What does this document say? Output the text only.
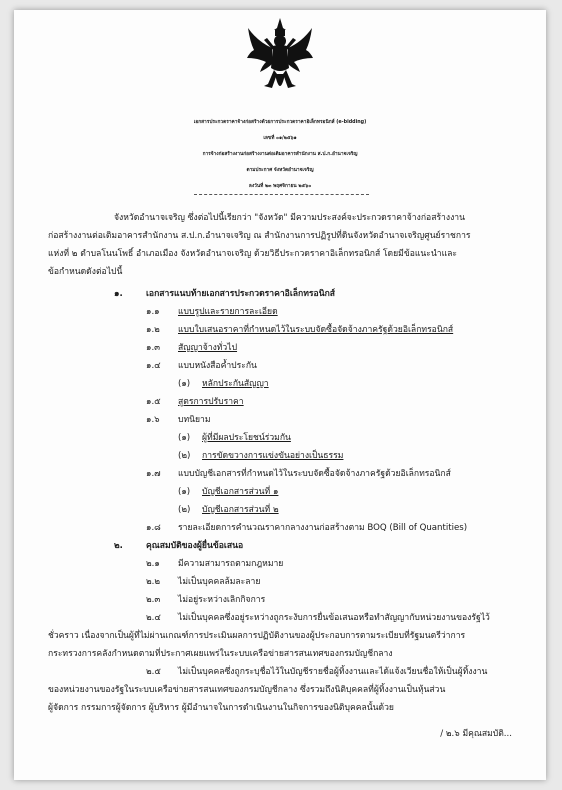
เอกสารประกวดราคาจ้างก่อสร้างด้วยการประกวดราคาอิเล็กทรอนิกส์ (e-bidding)
เลขที่ ๐๑/๒๕๖๑
การจ้างก่อสร้างงานก่อสร้างงานต่อเติมอาคารสำนักงาน ส.ป.ก.อำนาจเจริญ
ตามประกาศ จังหวัดอำนาจเจริญ
ลงวันที่ ๒๓ พฤศจิกายน ๒๕๖๐
จังหวัดอำนาจเจริญ ซึ่งต่อไปนี้เรียกว่า "จังหวัด" มีความประสงค์จะประกวดราคาจ้างก่อสร้างงาน
ก่อสร้างงานต่อเติมอาคารสำนักงาน ส.ป.ก.อำนาจเจริญ ณ สำนักงานการปฏิรูปที่ดินจังหวัดอำนาจเจริญศูนย์ราชการ
แห่งที่ ๒ ตำบลโนนโพธิ์ อำเภอเมือง จังหวัดอำนาจเจริญ ด้วยวิธีประกวดราคาอิเล็กทรอนิกส์ โดยมีข้อแนะนำและ
ข้อกำหนดดังต่อไปนี้
๑.	เอกสารแนบท้ายเอกสารประกวดราคาอิเล็กทรอนิกส์
๑.๑ แบบรูปและรายการละเอียด
๑.๒ แบบใบเสนอราคาที่กำหนดไว้ในระบบจัดซื้อจัดจ้างภาครัฐด้วยอิเล็กทรอนิกส์
๑.๓ สัญญาจ้างทั่วไป
๑.๔ แบบหนังสือค้ำประกัน
(๑) หลักประกันสัญญา
๑.๕ สูตรการปรับราคา
๑.๖ บทนิยาม
(๑) ผู้ที่มีผลประโยชน์ร่วมกัน
(๒) การขัดขวางการแข่งขันอย่างเป็นธรรม
๑.๗ แบบบัญชีเอกสารที่กำหนดไว้ในระบบจัดซื้อจัดจ้างภาครัฐด้วยอิเล็กทรอนิกส์
(๑) บัญชีเอกสารส่วนที่ ๑
(๒) บัญชีเอกสารส่วนที่ ๒
๑.๘ รายละเอียดการคำนวณราคากลางงานก่อสร้างตาม BOQ (Bill of Quantities)
๒.	คุณสมบัติของผู้ยื่นข้อเสนอ
๒.๑ มีความสามารถตามกฎหมาย
๒.๒ ไม่เป็นบุคคลล้มละลาย
๒.๓ ไม่อยู่ระหว่างเลิกกิจการ
๒.๔ ไม่เป็นบุคคลซึ่งอยู่ระหว่างถูกระงับการยื่นข้อเสนอหรือทำสัญญากับหน่วยงานของรัฐไว้
ชั่วคราว เนื่องจากเป็นผู้ที่ไม่ผ่านเกณฑ์การประเมินผลการปฏิบัติงานของผู้ประกอบการตามระเบียบที่รัฐมนตรีว่าการ
กระทรวงการคลังกำหนดตามที่ประกาศเผยแพร่ในระบบเครือข่ายสารสนเทศของกรมบัญชีกลาง
๒.๕ ไม่เป็นบุคคลซึ่งถูกระบุชื่อไว้ในบัญชีรายชื่อผู้ทิ้งงานและได้แจ้งเวียนชื่อให้เป็นผู้ทิ้งงาน
ของหน่วยงานของรัฐในระบบเครือข่ายสารสนเทศของกรมบัญชีกลาง ซึ่งรวมถึงนิติบุคคลที่ผู้ทิ้งงานเป็นหุ้นส่วน
ผู้จัดการ กรรมการผู้จัดการ ผู้บริหาร ผู้มีอำนาจในการดำเนินงานในกิจการของนิติบุคคลนั้นด้วย
/ ๒.๖ มีคุณสมบัติ...
